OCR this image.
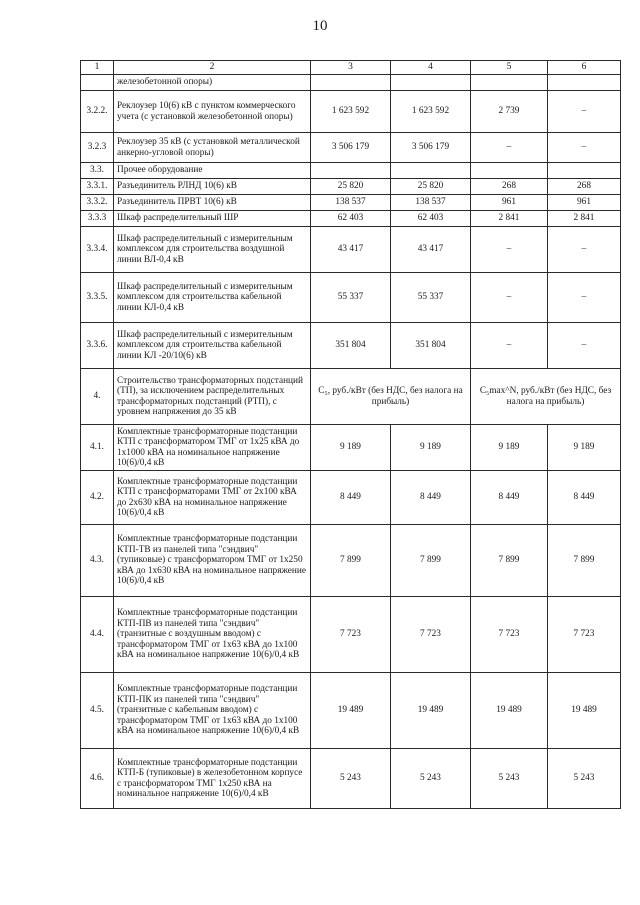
10
1	2	3	4	5	6
	железобетонной опоры)				
3.2.2.	Реклоузер 10(6) кВ с пунктом коммерческого учета (с установкой железобетонной опоры)	1 623 592	1 623 592	2 739	–
3.2.3	Реклоузер 35 кВ (с установкой металлической анкерно-угловой опоры)	3 506 179	3 506 179	–	–
3.3.	Прочее оборудование				
3.3.1.	Разъединитель РЛНД 10(6) кВ	25 820	25 820	268	268
3.3.2.	Разъединитель ПРВТ 10(6) кВ	138 537	138 537	961	961
3.3.3	Шкаф распределительный ШР	62 403	62 403	2 841	2 841
3.3.4.	Шкаф распределительный с измерительным комплексом для строительства воздушной линии ВЛ-0,4 кВ	43 417	43 417	–	–
3.3.5.	Шкаф распределительный с измерительным комплексом для строительства кабельной линии КЛ-0,4 кВ	55 337	55 337	–	–
3.3.6.	Шкаф распределительный с измерительным комплексом для строительства кабельной линии КЛ -20/10(6) кВ	351 804	351 804	–	–
4.	Строительство трансформаторных подстанций (ТП), за исключением распределительных трансформаторных подстанций (РТП), с уровнем напряжения до 35 кВ	С₅, руб./кВт (без НДС, без налога на прибыль)		C₅max^N, руб./кВт (без НДС, без налога на прибыль)	
4.1.	Комплектные трансформаторные подстанции КТП с трансформатором ТМГ от 1х25 кВА до 1х1000 кВА на номинальное напряжение 10(6)/0,4 кВ	9 189	9 189	9 189	9 189
4.2.	Комплектные трансформаторные подстанции КТП с трансформаторами ТМГ от 2х100 кВА до 2х630 кВА на номинальное напряжение 10(6)/0,4 кВ	8 449	8 449	8 449	8 449
4.3.	Комплектные трансформаторные подстанции КТП-ТВ из панелей типа "сэндвич" (тупиковые) с трансформатором ТМГ от 1х250 кВА до 1х630 кВА на номинальное напряжение 10(6)/0,4 кВ	7 899	7 899	7 899	7 899
4.4.	Комплектные трансформаторные подстанции КТП-ПВ из панелей типа "сэндвич" (транзитные с воздушным вводом) с трансформатором ТМГ от 1х63 кВА до 1х100 кВА на номинальное напряжение 10(6)/0,4 кВ	7 723	7 723	7 723	7 723
4.5.	Комплектные трансформаторные подстанции КТП-ПК из панелей типа "сэндвич" (транзитные с кабельным вводом) с трансформатором ТМГ от 1х63 кВА до 1х100 кВА на номинальное напряжение 10(6)/0,4 кВ	19 489	19 489	19 489	19 489
4.6.	Комплектные трансформаторные подстанции КТП-Б (тупиковые) в железобетонном корпусе с трансформатором ТМГ 1х250 кВА на номинальное напряжение 10(6)/0,4 кВ	5 243	5 243	5 243	5 243
